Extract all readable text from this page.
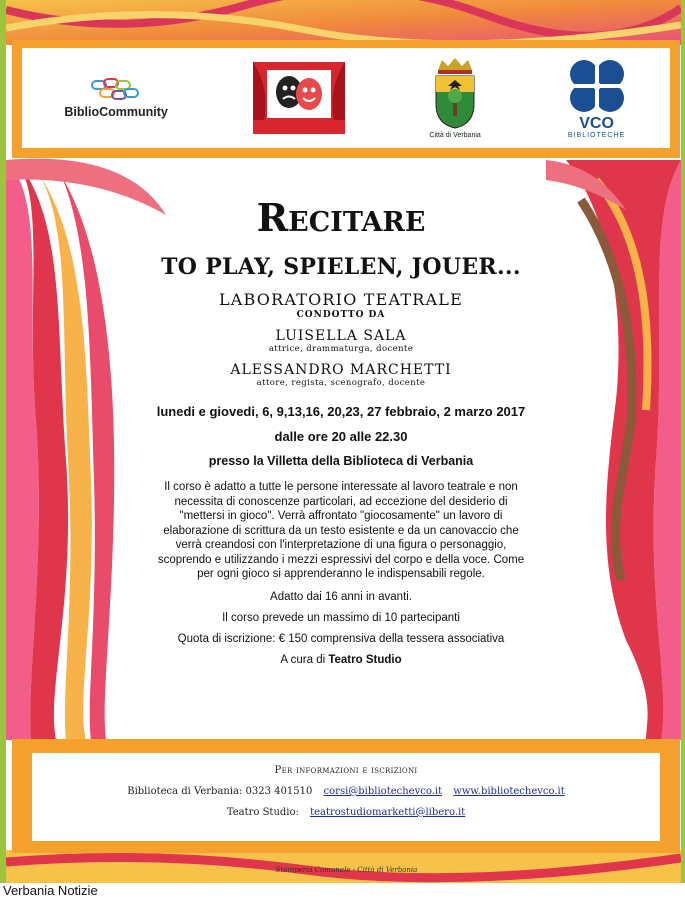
BiblioCommunity
Città di Verbania
VCO
BIBLIOTECHE
Recitare
TO PLAY, SPIELEN, JOUER...
LABORATORIO TEATRALE
CONDOTTO DA
LUISELLA SALA
attrice, drammaturga, docente
ALESSANDRO MARCHETTI
attore, regista, scenografo, docente
lunedi e giovedi, 6, 9,13,16, 20,23, 27 febbraio, 2 marzo 2017
dalle ore 20 alle 22.30
presso la Villetta della Biblioteca di Verbania
Il corso è adatto a tutte le persone interessate al lavoro teatrale e non necessita di conoscenze particolari, ad eccezione del desiderio di "mettersi in gioco". Verrà affrontato "giocosamente" un lavoro di elaborazione di scrittura da un testo esistente e da un canovaccio che verrà creandosi con l'interpretazione di una figura o personaggio, scoprendo e utilizzando i mezzi espressivi del corpo e della voce. Come per ogni gioco si apprenderanno le indispensabili regole.
Adatto dai 16 anni in avanti.
Il corso prevede un massimo di 10 partecipanti
Quota di iscrizione: € 150 comprensiva della tessera associativa
A cura di Teatro Studio
Per informazioni e iscrizioni
Biblioteca di Verbania: 0323 401510 corsi@bibliotechevco.it www.bibliotechevco.it
Teatro Studio: teatrostudiomarketti@libero.it
Stamperia Comunale - Città di Verbania
Verbania Notizie
